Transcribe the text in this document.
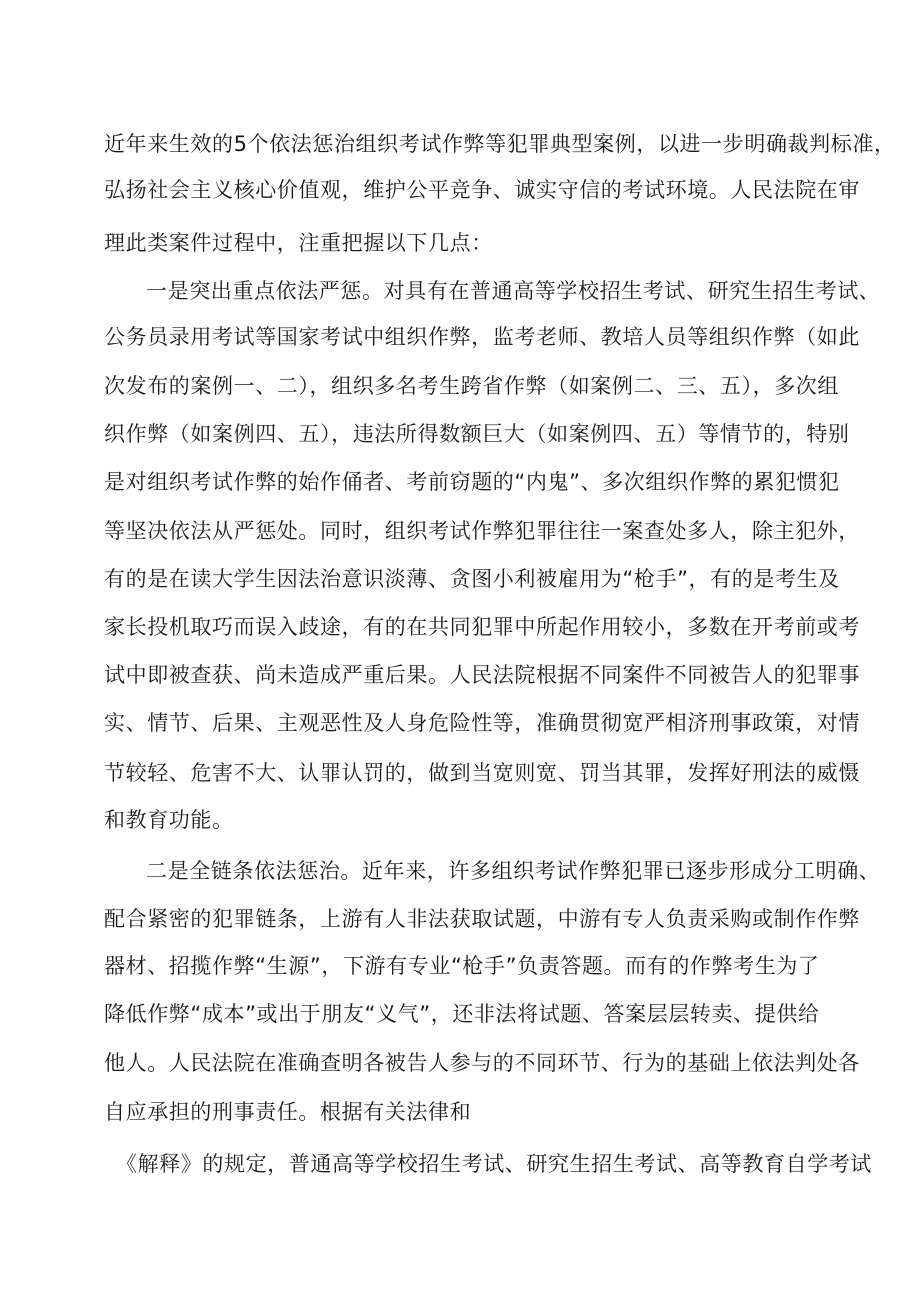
近年来生效的5个依法惩治组织考试作弊等犯罪典型案例，以进一步明确裁判标准，
弘扬社会主义核心价值观，维护公平竞争、诚实守信的考试环境。人民法院在审
理此类案件过程中，注重把握以下几点：
一是突出重点依法严惩。对具有在普通高等学校招生考试、研究生招生考试、
公务员录用考试等国家考试中组织作弊，监考老师、教培人员等组织作弊（如此
次发布的案例一、二），组织多名考生跨省作弊（如案例二、三、五），多次组
织作弊（如案例四、五），违法所得数额巨大（如案例四、五）等情节的，特别
是对组织考试作弊的始作俑者、考前窃题的“内鬼”、多次组织作弊的累犯惯犯
等坚决依法从严惩处。同时，组织考试作弊犯罪往往一案查处多人，除主犯外，
有的是在读大学生因法治意识淡薄、贪图小利被雇用为“枪手”，有的是考生及
家长投机取巧而误入歧途，有的在共同犯罪中所起作用较小，多数在开考前或考
试中即被查获、尚未造成严重后果。人民法院根据不同案件不同被告人的犯罪事
实、情节、后果、主观恶性及人身危险性等，准确贯彻宽严相济刑事政策，对情
节较轻、危害不大、认罪认罚的，做到当宽则宽、罚当其罪，发挥好刑法的威慑
和教育功能。
二是全链条依法惩治。近年来，许多组织考试作弊犯罪已逐步形成分工明确、
配合紧密的犯罪链条，上游有人非法获取试题，中游有专人负责采购或制作作弊
器材、招揽作弊“生源”，下游有专业“枪手”负责答题。而有的作弊考生为了
降低作弊“成本”或出于朋友“义气”，还非法将试题、答案层层转卖、提供给
他人。人民法院在准确查明各被告人参与的不同环节、行为的基础上依法判处各
自应承担的刑事责任。根据有关法律和
《解释》的规定，普通高等学校招生考试、研究生招生考试、高等教育自学考试
